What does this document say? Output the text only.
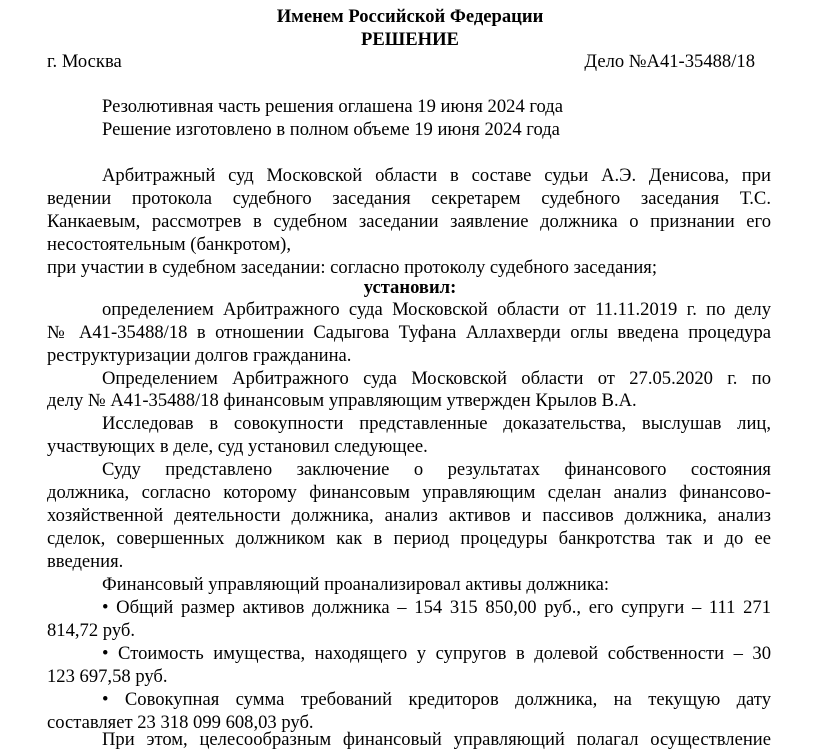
Именем Российской Федерации
РЕШЕНИЕ
г. Москва	Дело №А41-35488/18
Резолютивная часть решения оглашена 19 июня 2024 года
Решение изготовлено в полном объеме 19 июня 2024 года
Арбитражный суд Московской области в составе судьи А.Э. Денисова, при
ведении протокола судебного заседания секретарем судебного заседания Т.С.
Канкаевым, рассмотрев в судебном заседании заявление должника о признании его
несостоятельным (банкротом),
при участии в судебном заседании: согласно протоколу судебного заседания;
установил:
определением Арбитражного суда Московской области от 11.11.2019 г. по делу
№ А41-35488/18 в отношении Садыгова Туфана Аллахверди оглы введена процедура
реструктуризации долгов гражданина.
Определением Арбитражного суда Московской области от 27.05.2020 г. по
делу № А41-35488/18 финансовым управляющим утвержден Крылов В.А.
Исследовав в совокупности представленные доказательства, выслушав лиц,
участвующих в деле, суд установил следующее.
Суду представлено заключение о результатах финансового состояния
должника, согласно которому финансовым управляющим сделан анализ финансово-
хозяйственной деятельности должника, анализ активов и пассивов должника, анализ
сделок, совершенных должником как в период процедуры банкротства так и до ее
введения.
Финансовый управляющий проанализировал активы должника:
• Общий размер активов должника – 154 315 850,00 руб., его супруги – 111 271
814,72 руб.
• Стоимость имущества, находящего у супругов в долевой собственности – 30
123 697,58 руб.
• Совокупная сумма требований кредиторов должника, на текущую дату
составляет 23 318 099 608,03 руб.
При этом, целесообразным финансовый управляющий полагал осуществление
